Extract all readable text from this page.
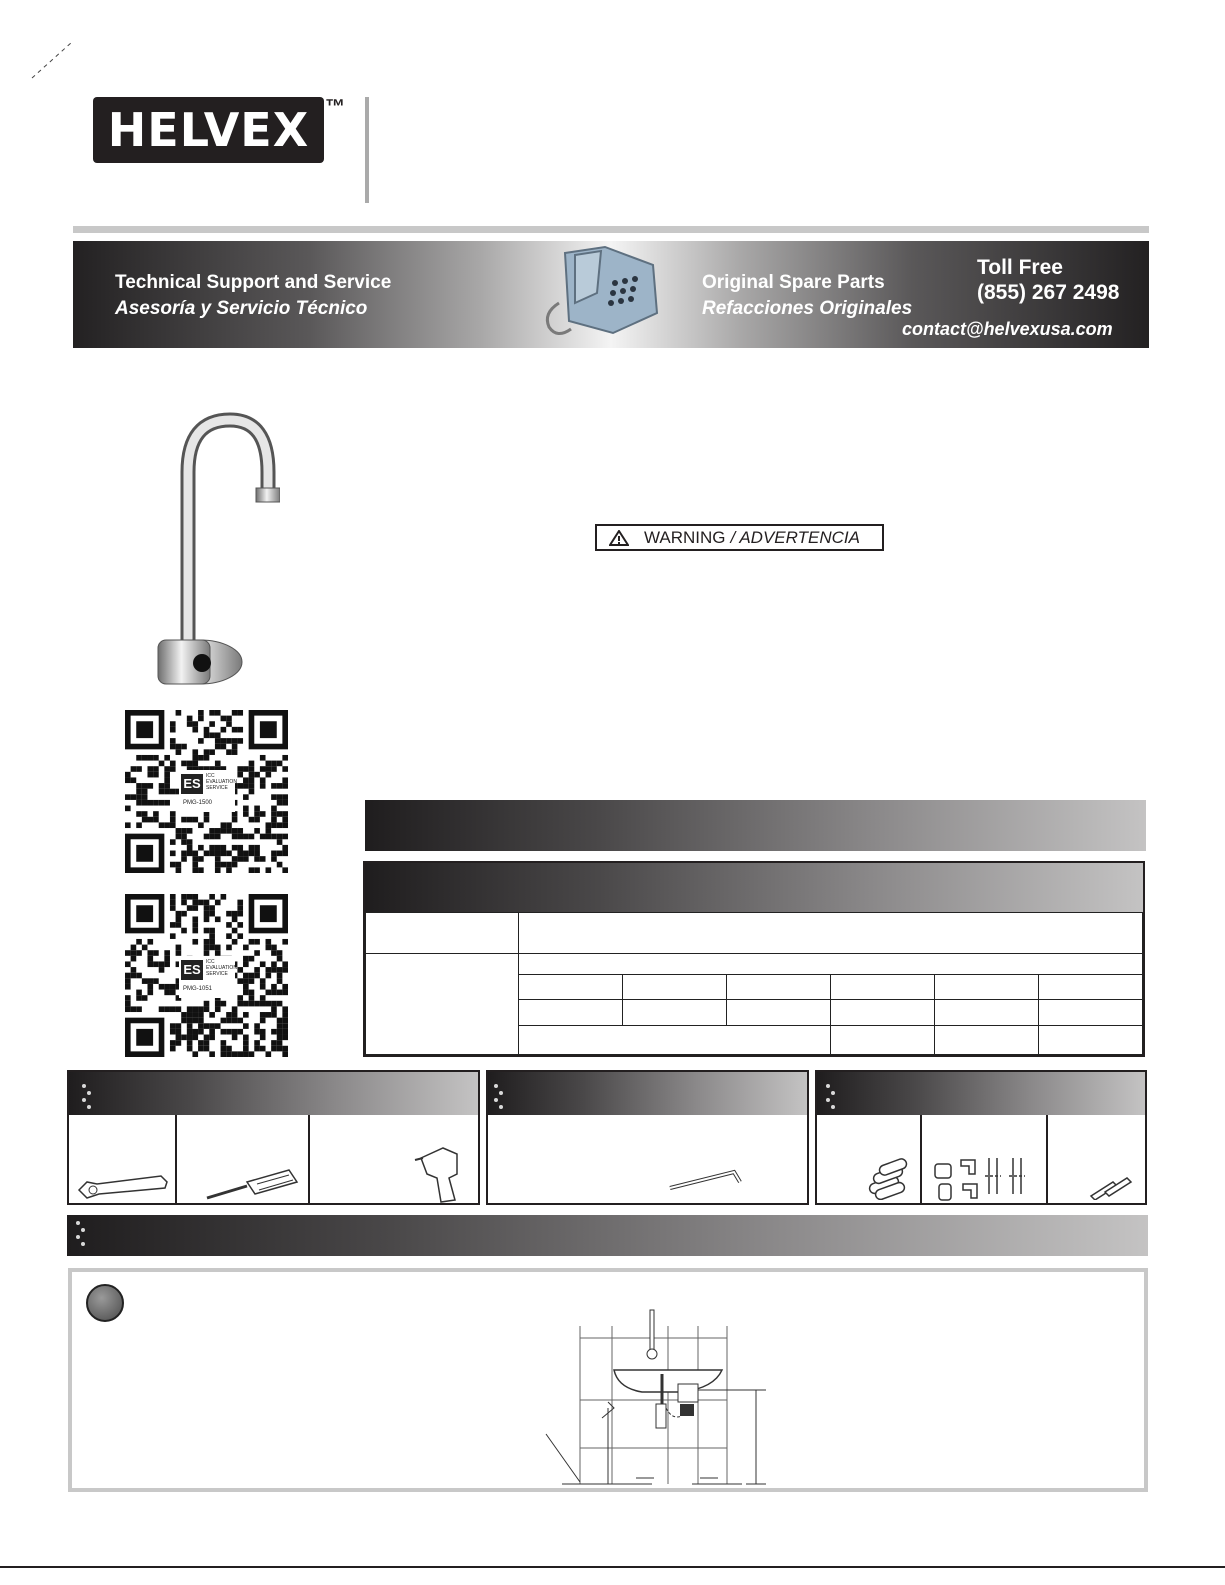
HELVEX ™
Technical Support and Service
Asesoría y Servicio Técnico
Original Spare Parts
Refacciones Originales
Toll Free
(855) 267 2498
contact@helvexusa.com
ES	ICC
EVALUATION
SERVICE
PMG-1500
ES	ICC
EVALUATION
SERVICE
PMG-1051
WARNING / ADVERTENCIA
